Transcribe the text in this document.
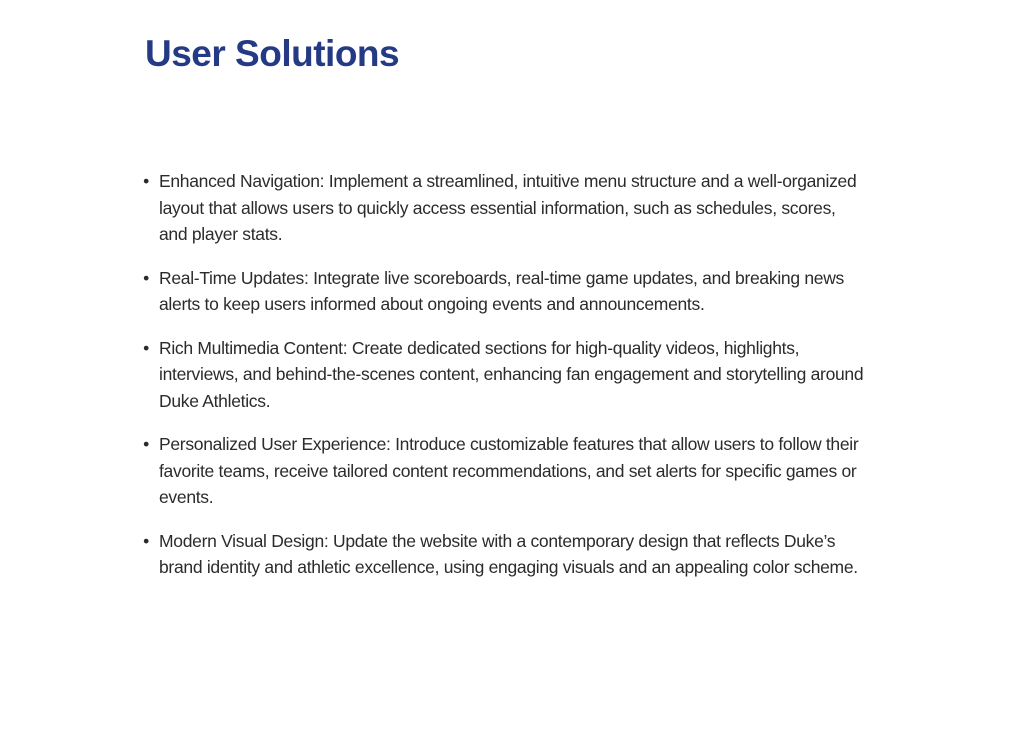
User Solutions
• Enhanced Navigation: Implement a streamlined, intuitive menu structure and a well-organized layout that allows users to quickly access essential information, such as schedules, scores, and player stats.
• Real-Time Updates: Integrate live scoreboards, real-time game updates, and breaking news alerts to keep users informed about ongoing events and announcements.
• Rich Multimedia Content: Create dedicated sections for high-quality videos, highlights, interviews, and behind-the-scenes content, enhancing fan engagement and storytelling around Duke Athletics.
• Personalized User Experience: Introduce customizable features that allow users to follow their favorite teams, receive tailored content recommendations, and set alerts for specific games or events.
• Modern Visual Design: Update the website with a contemporary design that reflects Duke’s brand identity and athletic excellence, using engaging visuals and an appealing color scheme.
